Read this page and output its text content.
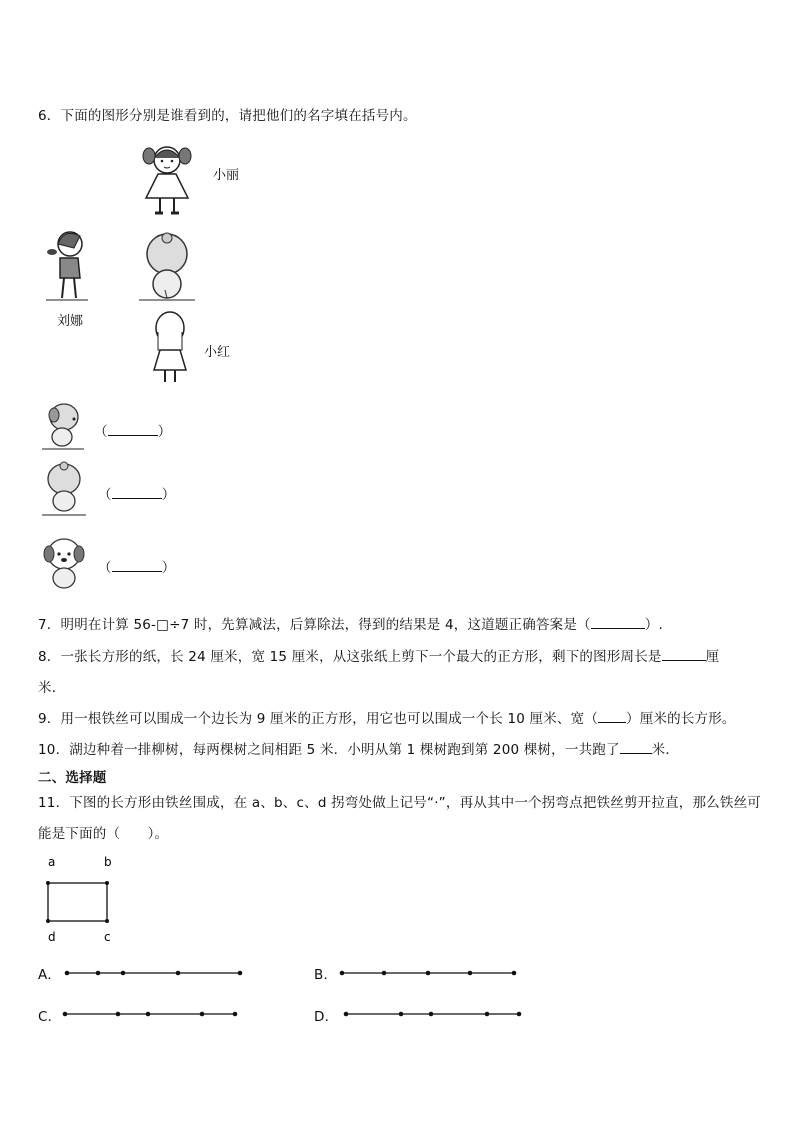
6．下面的图形分别是谁看到的，请把他们的名字填在括号内。
小丽
刘娜
小红
（	）
（	）
（	）
7．明明在计算 56-□÷7 时，先算减法，后算除法，得到的结果是 4，这道题正确答案是（	）.
8．一张长方形的纸，长 24 厘米，宽 15 厘米，从这张纸上剪下一个最大的正方形，剩下的图形周长是	厘
米．
9．用一根铁丝可以围成一个边长为 9 厘米的正方形，用它也可以围成一个长 10 厘米、宽（ ）厘米的长方形。
10．湖边种着一排柳树，每两棵树之间相距 5 米．小明从第 1 棵树跑到第 200 棵树，一共跑了 米．
二、选择题
11．下图的长方形由铁丝围成，在 a、b、c、d 拐弯处做上记号“·”，再从其中一个拐弯点把铁丝剪开拉直，那么铁丝可
能是下面的（　　）。
a	b
d	c
A．	B．
C．	D．
